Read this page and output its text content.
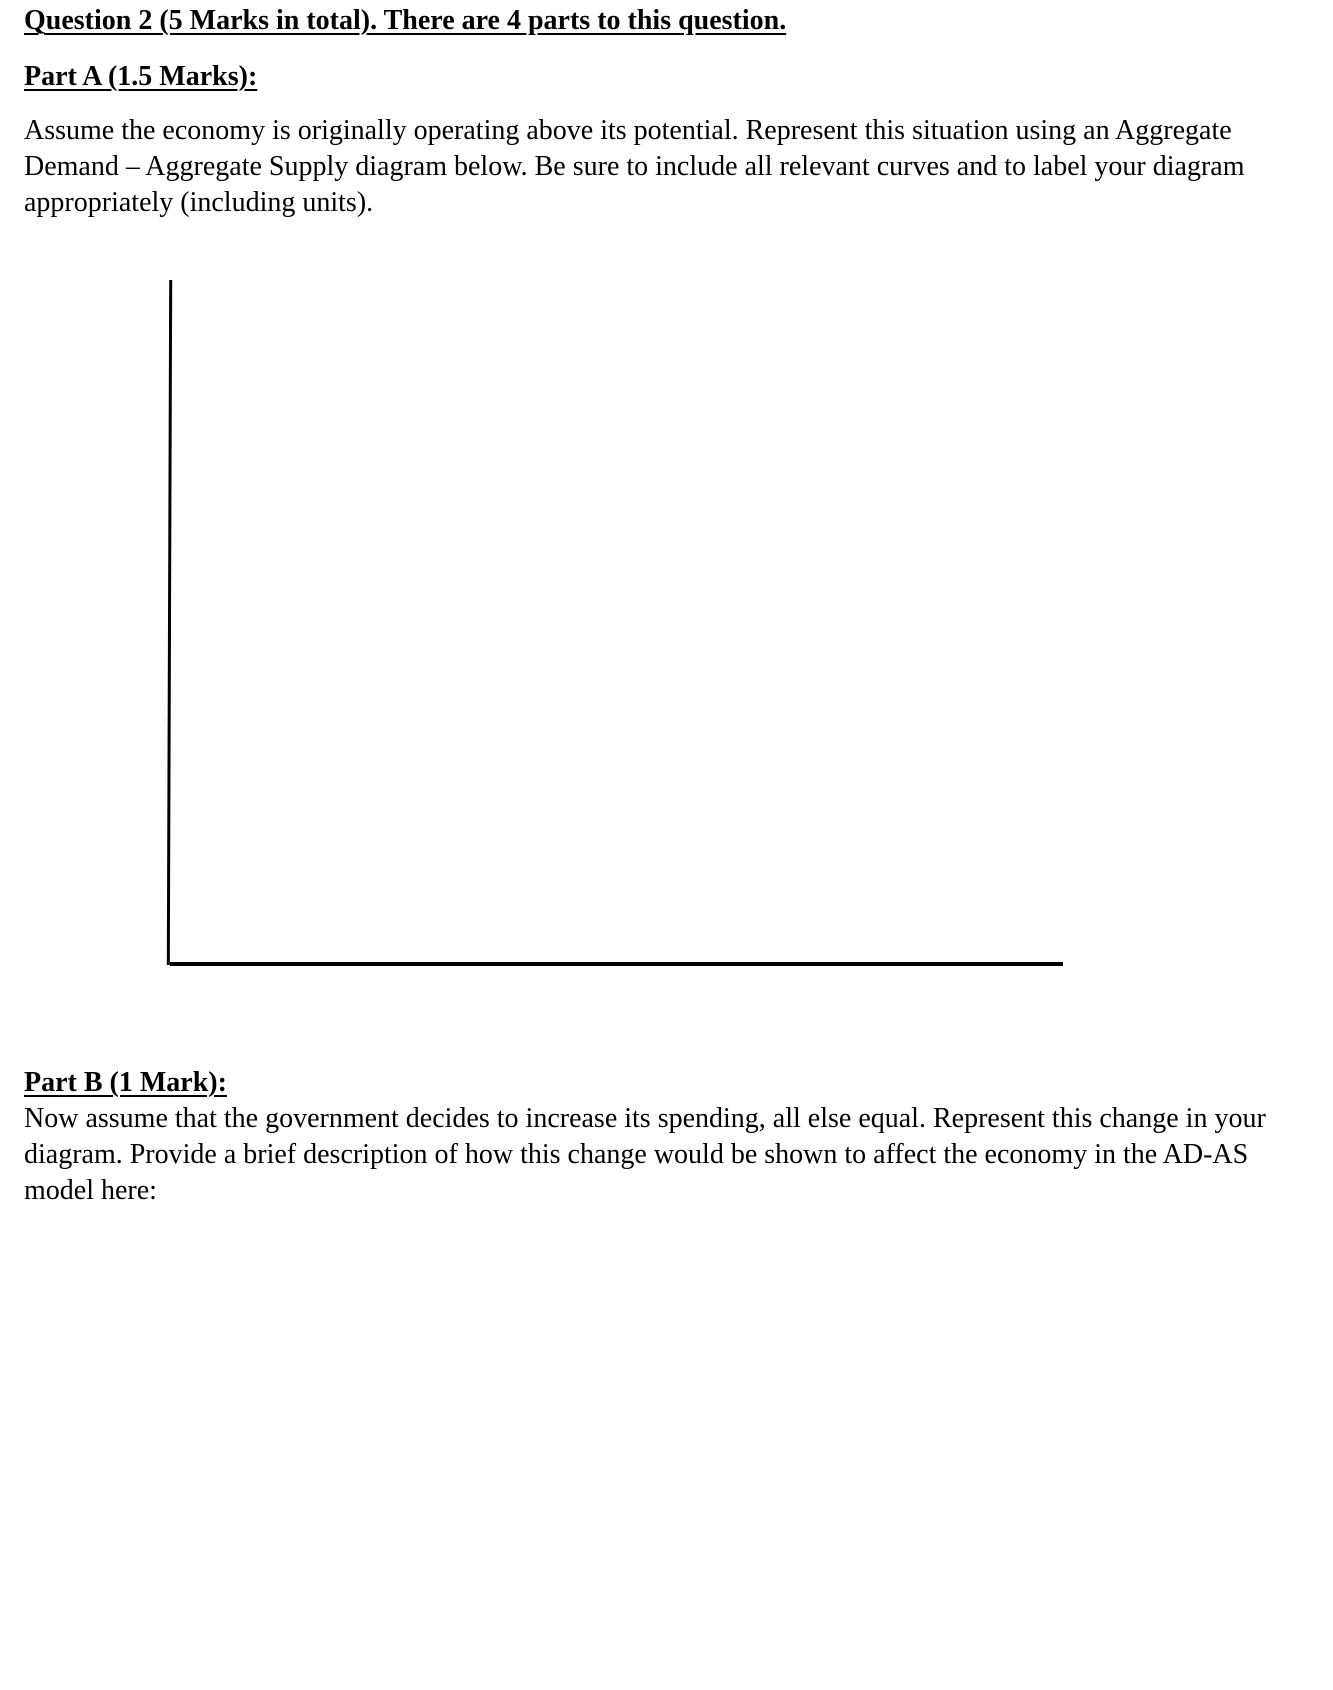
Question 2 (5 Marks in total). There are 4 parts to this question.
Part A (1.5 Marks):
Assume the economy is originally operating above its potential. Represent this situation using an Aggregate
Demand – Aggregate Supply diagram below. Be sure to include all relevant curves and to label your diagram
appropriately (including units).
Part B (1 Mark):
Now assume that the government decides to increase its spending, all else equal. Represent this change in your
diagram. Provide a brief description of how this change would be shown to affect the economy in the AD-AS
model here:
